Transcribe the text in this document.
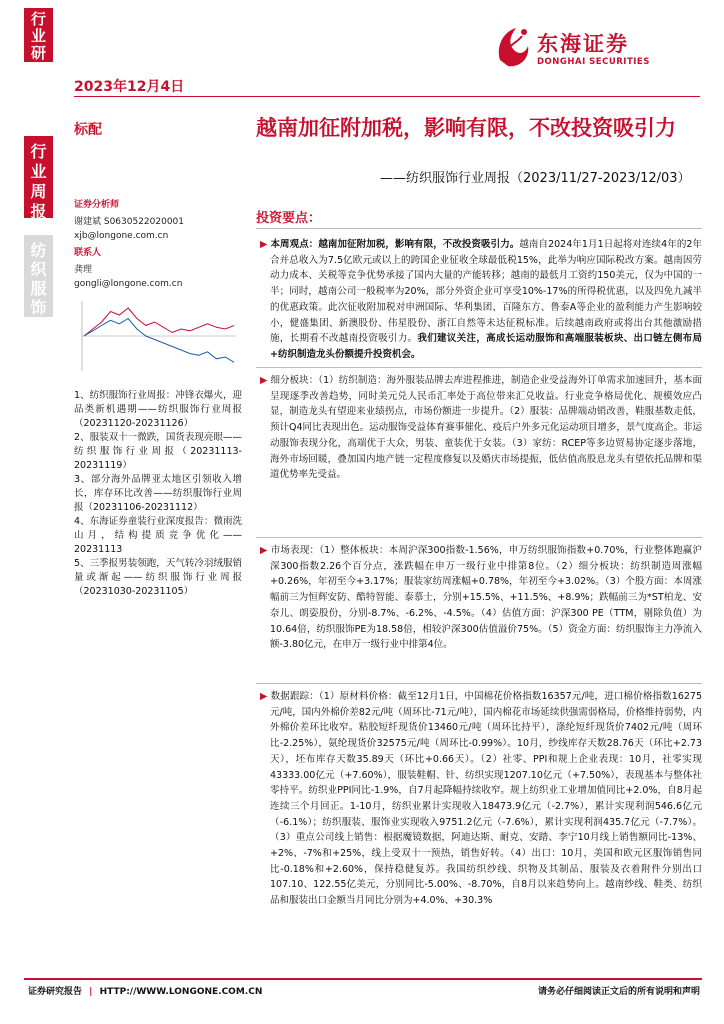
行业研究
行业周报
纺织服饰
东海证券
DONGHAI SECURITIES
2023年12月4日
标配	越南加征附加税，影响有限，不改投资吸引力
——纺织服饰行业周报（2023/11/27-2023/12/03）
证券分析师
谢建斌 S0630522020001
xjb@longone.com.cn
联系人
龚理
gongli@longone.com.cn
1、纺织服饰行业周报：冲锋衣爆火，迎品类新机遇期——纺织服饰行业周报（20231120-20231126）
2、服装双十一微跌，国货表现亮眼——纺织服饰行业周报（20231113-20231119）
3、部分海外品牌亚太地区引领收入增长，库存环比改善——纺织服饰行业周报（20231106-20231112）
4、东海证券童装行业深度报告：微雨洗山月，结构提质竞争优化——20231113
5、三季报男装领跑，天气转冷羽绒服销量或渐起——纺织服饰行业周报（20231030-20231105）
投资要点：

▶ 本周观点：越南加征附加税，影响有限，不改投资吸引力。越南自2024年1月1日起将对连续4年的2年合并总收入为7.5亿欧元或以上的跨国企业征收全球最低税15%，此举为响应国际税改方案。越南因劳动力成本、关税等竞争优势承接了国内大量的产能转移；越南的最低月工资约150美元，仅为中国的一半；同时，越南公司一般税率为20%，部分外资企业可享受10%-17%的所得税优惠，以及四免九减半的优惠政策。此次征收附加税对申洲国际、华利集团、百隆东方、鲁泰A等企业的盈利能力产生影响较小，健盛集团、新澳股份、伟星股份、浙江自然等未达征税标准。后续越南政府或将出台其他激励措施，长期看不改越南投资吸引力。我们建议关注，高成长运动服饰和高端服装板块、出口链左侧布局+纺织制造龙头份额提升投资机会。

▶ 细分板块：（1）纺织制造：海外服装品牌去库进程推进，制造企业受益海外订单需求加速回升，基本面呈现逐季改善趋势，同时美元兑人民币汇率处于高位带来汇兑收益。行业竞争格局优化、规模效应凸显，制造龙头有望迎来业绩拐点，市场份额进一步提升。（2）服装：品牌端动销改善，鞋服基数走低，预计Q4同比表现出色。运动服饰受益体育赛事催化、疫后户外多元化运动项目增多，景气度高企。非运动服饰表现分化，高端优于大众，男装、童装优于女装。（3）家纺：RCEP等多边贸易协定逐步落地，海外市场回暖，叠加国内地产链一定程度修复以及婚庆市场提振，低估值高股息龙头有望依托品牌和渠道优势率先受益。

▶ 市场表现：（1）整体板块：本周沪深300指数-1.56%，申万纺织服饰指数+0.70%，行业整体跑赢沪深300指数2.26个百分点，涨跌幅在申万一级行业中排第8位。（2）细分板块：纺织制造周涨幅+0.26%，年初至今+3.17%；服装家纺周涨幅+0.78%，年初至今+3.02%。（3）个股方面：本周涨幅前三为恒辉安防、酷特智能、泰慕士，分别+15.5%、+11.5%、+8.9%；跌幅前三为*ST柏龙、安奈儿、朗姿股份，分别-8.7%、-6.2%、-4.5%。（4）估值方面：沪深300 PE（TTM，剔除负值）为10.64倍，纺织服饰PE为18.58倍，相较沪深300估值溢价75%。（5）资金方面：纺织服饰主力净流入额-3.80亿元，在申万一级行业中排第4位。

▶ 数据跟踪：（1）原材料价格：截至12月1日，中国棉花价格指数16357元/吨，进口棉价格指数16275元/吨，国内外棉价差82元/吨（周环比-71元/吨），国内棉花市场延续供强需弱格局，价格维持弱势，内外棉价差环比收窄。粘胶短纤现货价13460元/吨（周环比持平），涤纶短纤现货价7402元/吨（周环比-2.25%），氨纶现货价32575元/吨（周环比-0.99%）。10月，纱线库存天数28.76天（环比+2.73天），坯布库存天数35.89天（环比+0.66天）。（2）社零、PPI和规上企业表现：10月，社零实现43333.00亿元（+7.60%），服装鞋帽、针、纺织实现1207.10亿元（+7.50%），表现基本与整体社零持平。纺织业PPI同比-1.9%，自7月起降幅持续收窄。规上纺织业工业增加值同比+2.0%，自8月起连续三个月回正。1-10月，纺织业累计实现收入18473.9亿元（-2.7%），累计实现利润546.6亿元（-6.1%）；纺织服装、服饰业实现收入9751.2亿元（-7.6%），累计实现利润435.7亿元（-7.7%）。（3）重点公司线上销售：根据魔镜数据，阿迪达斯、耐克、安踏、李宁10月线上销售额同比-13%、+2%、-7%和+25%，线上受双十一预热，销售好转。（4）出口：10月，美国和欧元区服饰销售同比-0.18%和+2.60%，保持稳健复苏。我国纺织纱线、织物及其制品、服装及衣着附件分别出口107.10、122.55亿美元，分别同比-5.00%、-8.70%，自8月以来趋势向上。越南纱线、鞋类、纺织品和服装出口金额当月同比分别为+4.0%、+30.3%

证券研究报告 | HTTP://WWW.LONGONE.COM.CN	请务必仔细阅读正文后的所有说明和声明
